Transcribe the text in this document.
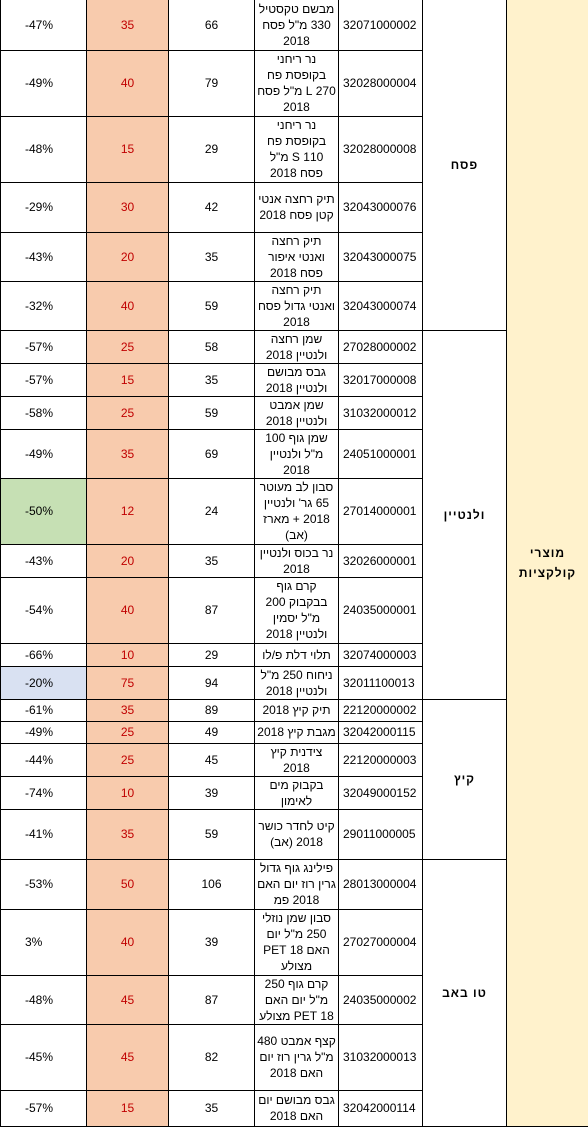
-47%	35	66	מבשם טקסטיל 330 מ"ל פסח 2018	32071000002	פסח	מוצרי קולקציות
-49%	40	79	נר ריחני בקופסת פח 270 L מ"ל פסח 2018	32028000004		
-48%	15	29	נר ריחני בקופסת פח 110 S מ"ל פסח 2018	32028000008		
-29%	30	42	תיק רחצה אנטי קטן פסח 2018	32043000076		
-43%	20	35	תיק רחצה ואנטי איפור פסח 2018	32043000075		
-32%	40	59	תיק רחצה ואנטי גדול פסח 2018	32043000074		
-57%	25	58	שמן רחצה ולנטיין 2018	27028000002	ולנטיין	
-57%	15	35	גבס מבושם ולנטיין 2018	32017000008		
-58%	25	59	שמן אמבט ולנטיין 2018	31032000012		
-49%	35	69	שמן גוף 100 מ"ל ולנטיין 2018	24051000001		
-50%	12	24	סבון לב מעוטר 65 גר' ולנטיין 2018 + מארז (אב)	27014000001		
-43%	20	35	נר בכוס ולנטיין 2018	32026000001		
-54%	40	87	קרם גוף בבקבוק 200 מ"ל יסמין ולנטיין 2018	24035000001		
-66%	10	29	תלוי דלת פ/לו	32074000003		
-20%	75	94	ניחוח 250 מ"ל ולנטיין 2018	32011100013		
-61%	35	89	תיק קיץ 2018	22120000002	קיץ	
-49%	25	49	מגבת קיץ 2018	32042000115		
-44%	25	45	צידנית קיץ 2018	22120000003		
-74%	10	39	בקבוק מים לאימון	32049000152		
-41%	35	59	קיט לחדר כושר 2018 (אב)	29011000005		
-53%	50	106	פילינג גוף גדול גרין רוז יום האם 2018 פמ	28013000004	טו באב	
3%	40	39	סבון שמן נוזלי 250 מ"ל יום האם 18 PET מצולע	27027000004		
-48%	45	87	קרם גוף 250 מ"ל יום האם 18 PET מצולע	24035000002		
-45%	45	82	קצף אמבט 480 מ"ל גרין רוז יום האם 2018	31032000013		
-57%	15	35	גבס מבושם יום האם 2018	32042000114		
